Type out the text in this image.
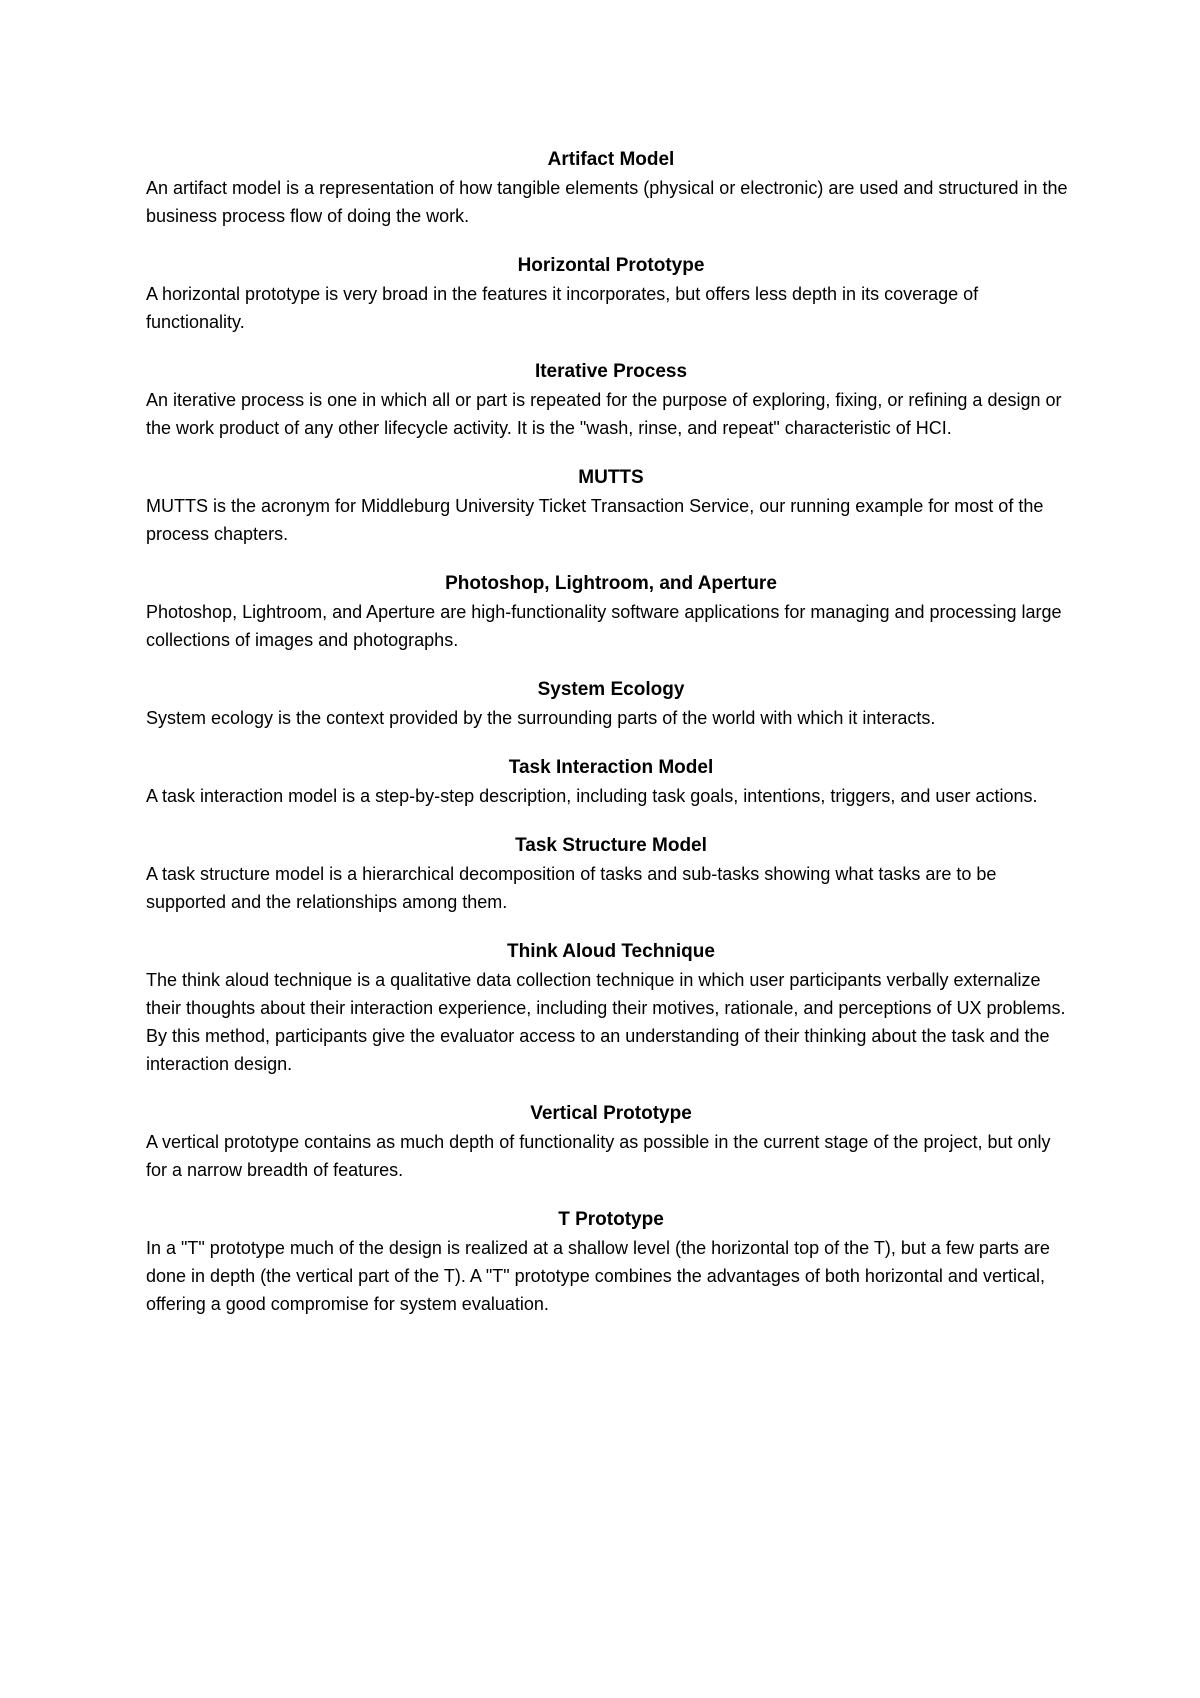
Artifact Model

An artifact model is a representation of how tangible elements (physical or electronic) are used and structured in the business process flow of doing the work.

Horizontal Prototype

A horizontal prototype is very broad in the features it incorporates, but offers less depth in its coverage of functionality.

Iterative Process

An iterative process is one in which all or part is repeated for the purpose of exploring, fixing, or refining a design or the work product of any other lifecycle activity. It is the "wash, rinse, and repeat" characteristic of HCI.

MUTTS

MUTTS is the acronym for Middleburg University Ticket Transaction Service, our running example for most of the process chapters.

Photoshop, Lightroom, and Aperture

Photoshop, Lightroom, and Aperture are high-functionality software applications for managing and processing large collections of images and photographs.

System Ecology

System ecology is the context provided by the surrounding parts of the world with which it interacts.

Task Interaction Model

A task interaction model is a step-by-step description, including task goals, intentions, triggers, and user actions.

Task Structure Model

A task structure model is a hierarchical decomposition of tasks and sub-tasks showing what tasks are to be supported and the relationships among them.

Think Aloud Technique

The think aloud technique is a qualitative data collection technique in which user participants verbally externalize their thoughts about their interaction experience, including their motives, rationale, and perceptions of UX problems. By this method, participants give the evaluator access to an understanding of their thinking about the task and the interaction design.

Vertical Prototype

A vertical prototype contains as much depth of functionality as possible in the current stage of the project, but only for a narrow breadth of features.

T Prototype

In a "T" prototype much of the design is realized at a shallow level (the horizontal top of the T), but a few parts are done in depth (the vertical part of the T). A "T" prototype combines the advantages of both horizontal and vertical, offering a good compromise for system evaluation.
